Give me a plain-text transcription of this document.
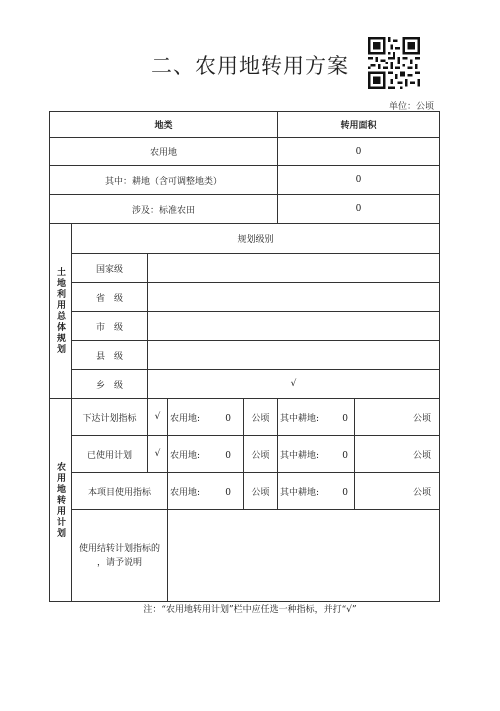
二、农用地转用方案
单位：公顷
地类					转用面积	
农用地					0	
其中：耕地（含可调整地类）					0	
涉及：标准农田					0	
土地利用总体规划	规划级别					
	国家级					
	省　级					
	市　级					
	县　级					
	乡　级	√				
农用地转用计划	下达计划指标	√	农用地: 0	公顷	其中耕地: 0	公顷
	已使用计划	√	农用地: 0	公顷	其中耕地: 0	公顷
	本项目使用指标		农用地: 0	公顷	其中耕地: 0	公顷
	使用结转计划指标的
，请予说明					
注：“农用地转用计划”栏中应任选一种指标，并打“√”
